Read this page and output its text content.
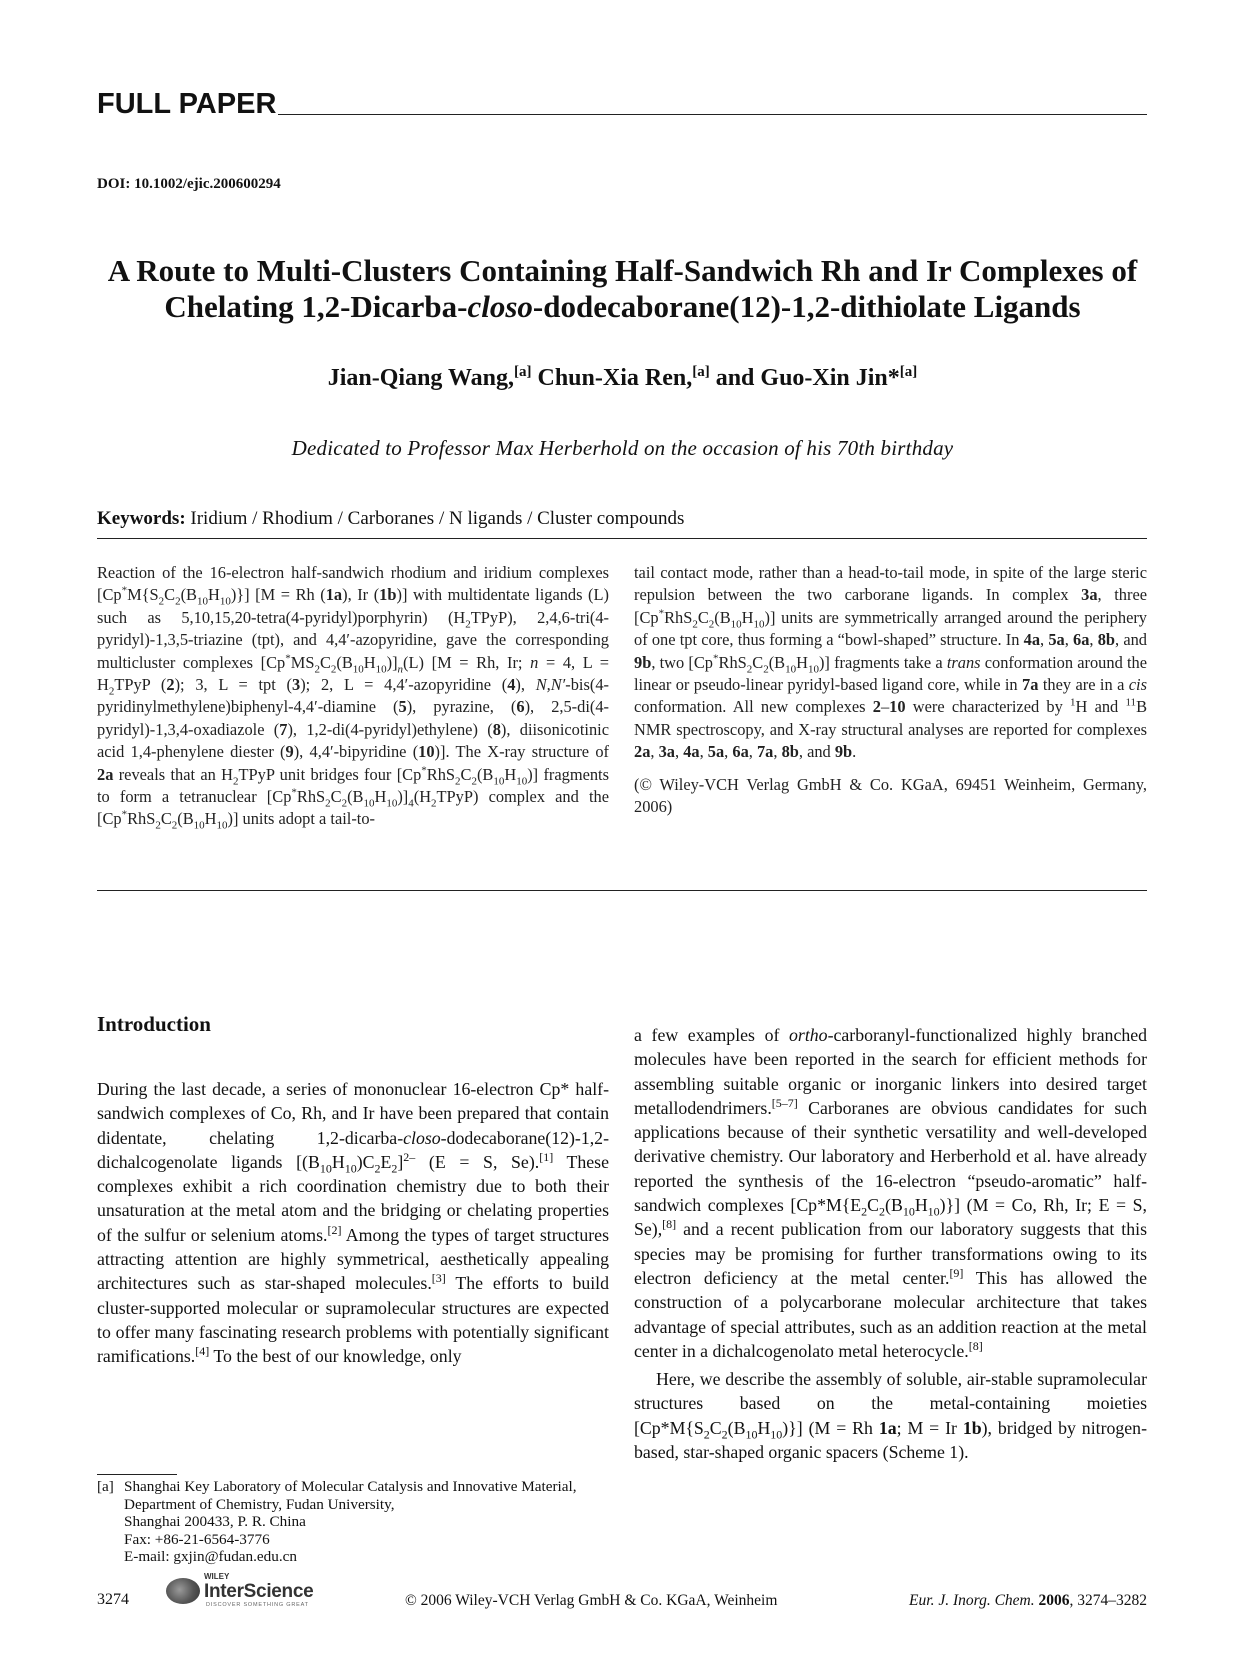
FULL PAPER
DOI: 10.1002/ejic.200600294
A Route to Multi-Clusters Containing Half-Sandwich Rh and Ir Complexes of
Chelating 1,2-Dicarba-closo-dodecaborane(12)-1,2-dithiolate Ligands
Jian-Qiang Wang,[a] Chun-Xia Ren,[a] and Guo-Xin Jin*[a]
Dedicated to Professor Max Herberhold on the occasion of his 70th birthday
Keywords: Iridium / Rhodium / Carboranes / N ligands / Cluster compounds
Reaction of the 16-electron half-sandwich rhodium and iridium complexes $[Cp^*M\{S_2C_2(B_{10}H_{10})\}] [M = Rh$ (1a), Ir (1b)] with multidentate ligands (L) such as 5,10,15,20-tetra(4-pyridyl)porphyrin) $(H_2TPyP)$, 2,4,6-tri(4-pyridyl)-1,3,5-triazine (tpt), and 4,4′-azopyridine, gave the corresponding multicluster complexes $[Cp^*MS_2C_2(B_{10}H_{10})]_n(L) [M = Rh$, Ir; n = 4, $L = H_2TPyP$ (2); 3, L = tpt (3); 2, L = 4,4′-azopyridine (4), N,N′-bis(4-pyridinylmethylene)biphenyl-4,4′-diamine (5), pyrazine, (6), 2,5-di(4-pyridyl)-1,3,4-oxadiazole (7), 1,2-di(4-pyridyl)ethylene) (8), diisonicotinic acid 1,4-phenylene diester (9), 4,4′-bipyridine (10)]. The X-ray structure of 2a reveals that an $H_2TPyP$ unit bridges four $[Cp^*RhS_2C_2(B_{10}H_{10})]$ fragments to form a tetranuclear $[Cp^*RhS_2C_2(B_{10}H_{10})]_4(H_2TPyP)$ complex and the $[Cp^*RhS_2C_2(B_{10}H_{10})]$ units adopt a tail-to-

tail contact mode, rather than a head-to-tail mode, in spite of the large steric repulsion between the two carborane ligands. In complex 3a, three $[Cp^*RhS_2C_2(B_{10}H_{10})]$ units are symmetrically arranged around the periphery of one tpt core, thus forming a “bowl-shaped” structure. In 4a, 5a, 6a, 8b, and 9b, two $[Cp^*RhS_2C_2(B_{10}H_{10})]$ fragments take a trans conformation around the linear or pseudo-linear pyridyl-based ligand core, while in 7a they are in a cis conformation. All new complexes 2–10 were characterized by $^1$H and $^{11}$B NMR spectroscopy, and X-ray structural analyses are reported for complexes 2a, 3a, 4a, 5a, 6a, 7a, 8b, and 9b.

(© Wiley-VCH Verlag GmbH & Co. KGaA, 69451 Weinheim, Germany, 2006)

Introduction
During the last decade, a series of mononuclear 16-electron Cp* half-sandwich complexes of Co, Rh, and Ir have been prepared that contain didentate, chelating 1,2-dicarba-closo-dodecaborane(12)-1,2-dichalcogenolate ligands $[(B_{10}H_{10})C_2E_2]^{2-}$ (E = S, Se).[1] These complexes exhibit a rich coordination chemistry due to both their unsaturation at the metal atom and the bridging or chelating properties of the sulfur or selenium atoms.[2] Among the types of target structures attracting attention are highly symmetrical, aesthetically appealing architectures such as star-shaped molecules.[3] The efforts to build cluster-supported molecular or supramolecular structures are expected to offer many fascinating research problems with potentially significant ramifications.[4] To the best of our knowledge, only

a few examples of ortho-carboranyl-functionalized highly branched molecules have been reported in the search for efficient methods for assembling suitable organic or inorganic linkers into desired target metallodendrimers.[5–7] Carboranes are obvious candidates for such applications because of their synthetic versatility and well-developed derivative chemistry. Our laboratory and Herberhold et al. have already reported the synthesis of the 16-electron “pseudo-aromatic” half-sandwich complexes $[Cp*M\{E_2C_2(B_{10}H_{10})\}] (M = Co$, Rh, Ir; E = S, Se),[8] and a recent publication from our laboratory suggests that this species may be promising for further transformations owing to its electron deficiency at the metal center.[9] This has allowed the construction of a polycarborane molecular architecture that takes advantage of special attributes, such as an addition reaction at the metal center in a dichalcogenolato metal heterocycle.[8]

Here, we describe the assembly of soluble, air-stable supramolecular structures based on the metal-containing moieties $[Cp*M\{S_2C_2(B_{10}H_{10})\}] (M = Rh$ 1a; M = Ir 1b), bridged by nitrogen-based, star-shaped organic spacers (Scheme 1).

[a] Shanghai Key Laboratory of Molecular Catalysis and Innovative Material, Department of Chemistry, Fudan University,
Shanghai 200433, P. R. China
Fax: +86-21-6564-3776
E-mail: gxjin@fudan.edu.cn
3274
WILEY
InterScience
DISCOVER SOMETHING GREAT	© 2006 Wiley-VCH Verlag GmbH & Co. KGaA, Weinheim	Eur. J. Inorg. Chem. 2006, 3274–3282
